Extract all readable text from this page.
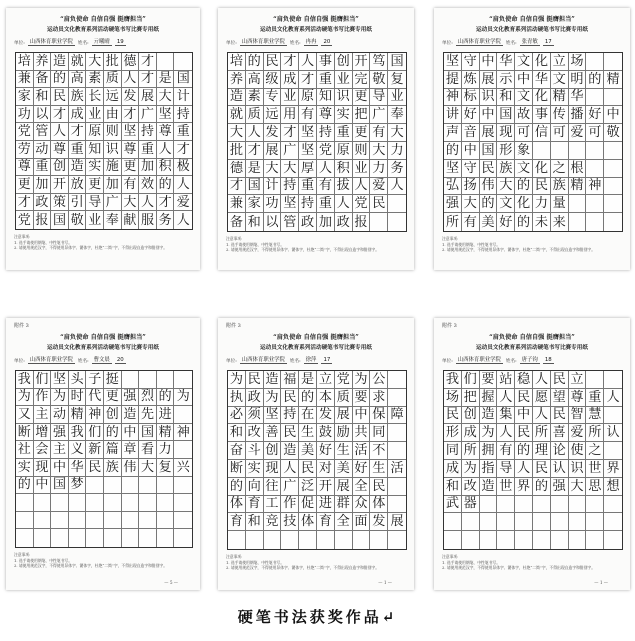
“肩负使命 自信自强 挺膺担当”
运动员文化教育系列活动硬笔书写比赛专用纸
单位: 山西体育职业学院	姓名: 亓曦晴	19
培 养 造 就 大 批 德 才
兼 备 的 高 素 质 人 才 是 国
家 和 民 族 长 远 发 展 大 计
功 以 才 成 业 由 才 广 坚 持
党 管 人 才 原 则 坚 持 尊 重
劳 动 尊 重 知 识 尊 重 人 才
尊 重 创 造 实 施 更 加 积 极
更 加 开 放 更 加 有 效 的 人
才 政 策 引 导 广 大 人 才 爱
党 报 国 敬 业 奉 献 服 务 人
注意事项:
1. 选手请使用钢笔、中性笔书写。
2. 请使用规范汉字，不得使用异体字、繁体字，杜绝“二简”字，不得出现自造字和错别字。
“肩负使命 自信自强 挺膺担当”
运动员文化教育系列活动硬笔书写比赛专用纸
单位: 山西体育职业学院	姓名: 冉冉	20
培 的 民 才 人 事 创 开 笃 国
养 高 级 成 才 重 业 完 敬 复
造 素 专 业 原 知 识 更 导 业
就 质 远 用 有 尊 实 把 广 奉
大 人 发 才 坚 持 重 更 有 大
批 才 展 广 坚 党 原 则 大 力
德 是 大 大 厚 人 积 业 力 务
才 国 计 持 重 有 拔 人 爱 人
兼 家 功 坚 持 重 人 党 民
备 和 以 管 政 加 政 报
注意事项:
1. 选手请使用钢笔、中性笔书写。
2. 请使用规范汉字，不得使用异体字、繁体字，杜绝“二简”字，不得出现自造字和错别字。
“肩负使命 自信自强 挺膺担当”
运动员文化教育系列活动硬笔书写比赛专用纸
单位: 山西体育职业学院	姓名: 张青敏	17
坚 守 中 华 文 化 立 场
提 炼 展 示 中 华 文 明 的 精
神 标 识 和 文 化 精 华
讲 好 中 国 故 事 传 播 好 中
声 音 展 现 可 信 可 爱 可 敬
的 中 国 形 象
坚 守 民 族 文 化 之 根
弘 扬 伟 大 的 民 族 精 神
强 大 的 文 化 力 量
所 有 美 好 的 未 来
注意事项:
1. 选手请使用钢笔、中性笔书写。
2. 请使用规范汉字，不得使用异体字、繁体字，杜绝“二简”字，不得出现自造字和错别字。
附件 3
“肩负使命 自信自强 挺膺担当”
运动员文化教育系列活动硬笔书写比赛专用纸
单位: 山西体育职业学院	姓名: 曹文晨	20
我 们 坚 头 子 挺
为 作 为 时 代 更 强 烈 的 为
又 主 动 精 神 创 造 先 进
断 增 强 我 们 的 中 国 精 神
社 会 主 义 新 篇 章 看 力
实 现 中 华 民 族 伟 大 复 兴
的 中 国 梦
注意事项:
1. 选手请使用钢笔、中性笔书写。
2. 请使用规范汉字，不得使用异体字、繁体字，杜绝“二简”字，不得出现自造字和错别字。
— 5 —
附件 3
“肩负使命 自信自强 挺膺担当”
运动员文化教育系列活动硬笔书写比赛专用纸
单位: 山西体育职业学院	姓名: 徐萍	17
为 民 造 福 是 立 党 为 公
执 政 为 民 的 本 质 要 求
必 须 坚 持 在 发 展 中 保 障
和 改 善 民 生 鼓 励 共 同
奋 斗 创 造 美 好 生 活 不
断 实 现 人 民 对 美 好 生 活
的 向 往 广 泛 开 展 全 民
体 育 工 作 促 进 群 众 体
育 和 竞 技 体 育 全 面 发 展
注意事项:
1. 选手请使用钢笔、中性笔书写。
2. 请使用规范汉字，不得使用异体字、繁体字，杜绝“二简”字，不得出现自造字和错别字。
— 1 —
附件 3
“肩负使命 自信自强 挺膺担当”
运动员文化教育系列活动硬笔书写比赛专用纸
单位: 山西体育职业学院	姓名: 唐子钧	18
我 们 要 站 稳 人 民 立
场 把 握 人 民 愿 望 尊 重 人
民 创 造 集 中 人 民 智 慧
形 成 为 人 民 所 喜 爱 所 认
同 所 拥 有 的 理 论 使 之
成 为 指 导 人 民 认 识 世 界
和 改 造 世 界 的 强 大 思 想
武 器
注意事项:
1. 选手请使用钢笔、中性笔书写。
2. 请使用规范汉字，不得使用异体字、繁体字，杜绝“二简”字，不得出现自造字和错别字。
— 1 —
硬笔书法获奖作品↵
